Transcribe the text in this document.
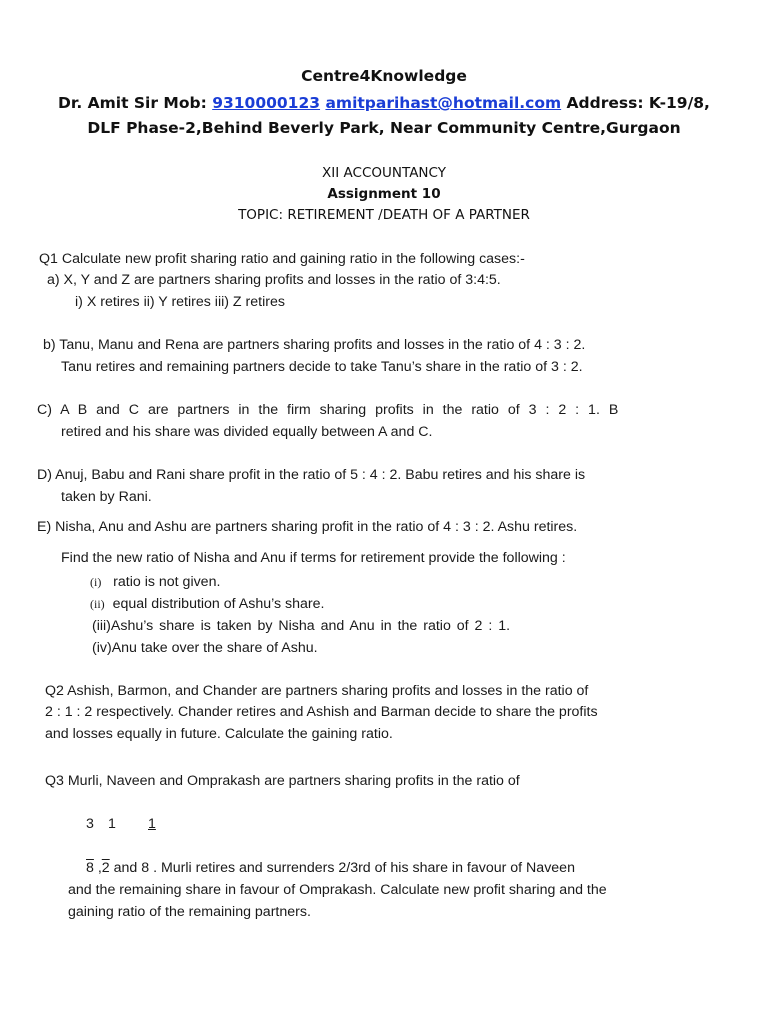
Centre4Knowledge
Dr. Amit Sir Mob: 9310000123 amitparihast@hotmail.com Address: K-19/8,
DLF Phase-2,Behind Beverly Park, Near Community Centre,Gurgaon
XII ACCOUNTANCY
Assignment 10
TOPIC: RETIREMENT /DEATH OF A PARTNER
Q1 Calculate new profit sharing ratio and gaining ratio in the following cases:-
a) X, Y and Z are partners sharing profits and losses in the ratio of 3:4:5.
i) X retires ii) Y retires iii) Z retires
b) Tanu, Manu and Rena are partners sharing profits and losses in the ratio of 4 : 3 : 2.
Tanu retires and remaining partners decide to take Tanu’s share in the ratio of 3 : 2.
C) A B and C are partners in the firm sharing profits in the ratio of 3 : 2 : 1. B
retired and his share was divided equally between A and C.
D) Anuj, Babu and Rani share profit in the ratio of 5 : 4 : 2. Babu retires and his share is
taken by Rani.
E) Nisha, Anu and Ashu are partners sharing profit in the ratio of 4 : 3 : 2. Ashu retires.
Find the new ratio of Nisha and Anu if terms for retirement provide the following :
(i) ratio is not given.
(ii) equal distribution of Ashu’s share.
(iii)Ashu’s share is taken by Nisha and Anu in the ratio of 2 : 1.
(iv)Anu take over the share of Ashu.
Q2 Ashish, Barmon, and Chander are partners sharing profits and losses in the ratio of
2 : 1 : 2 respectively. Chander retires and Ashish and Barman decide to share the profits
and losses equally in future. Calculate the gaining ratio.
Q3 Murli, Naveen and Omprakash are partners sharing profits in the ratio of
3 1 1
8 ,2 and 8 . Murli retires and surrenders 2/3rd of his share in favour of Naveen
and the remaining share in favour of Omprakash. Calculate new profit sharing and the
gaining ratio of the remaining partners.
